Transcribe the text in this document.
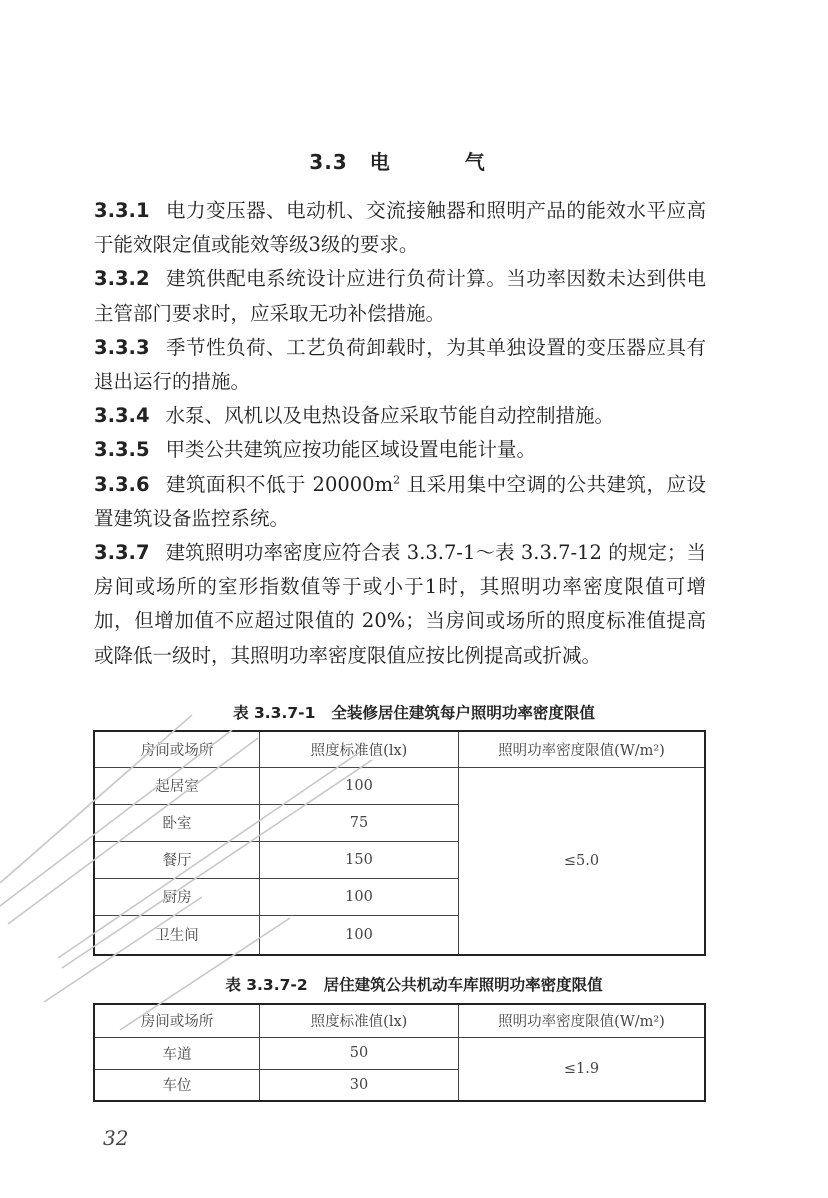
3.3 电 气

3.3.1 电力变压器、电动机、交流接触器和照明产品的能效水平应高于能效限定值或能效等级3级的要求。

3.3.2 建筑供配电系统设计应进行负荷计算。当功率因数未达到供电主管部门要求时，应采取无功补偿措施。

3.3.3 季节性负荷、工艺负荷卸载时，为其单独设置的变压器应具有退出运行的措施。

3.3.4 水泵、风机以及电热设备应采取节能自动控制措施。

3.3.5 甲类公共建筑应按功能区域设置电能计量。

3.3.6 建筑面积不低于 $20000m^2$ 且采用集中空调的公共建筑，应设置建筑设备监控系统。

3.3.7 建筑照明功率密度应符合表 3.3.7-1～表 3.3.7-12 的规定；当房间或场所的室形指数值等于或小于1时，其照明功率密度限值可增加，但增加值不应超过限值的 20%；当房间或场所的照度标准值提高或降低一级时，其照明功率密度限值应按比例提高或折减。

表 3.3.7-1 全装修居住建筑每户照明功率密度限值
房间或场所	照度标准值(lx)	照明功率密度限值(W/m²)
起居室	100	≤5.0
卧室	75	
餐厅	150	
厨房	100	
卫生间	100	
表 3.3.7-2 居住建筑公共机动车库照明功率密度限值
房间或场所	照度标准值(lx)	照明功率密度限值(W/m²)
车道	50	≤1.9
车位	30	
32
